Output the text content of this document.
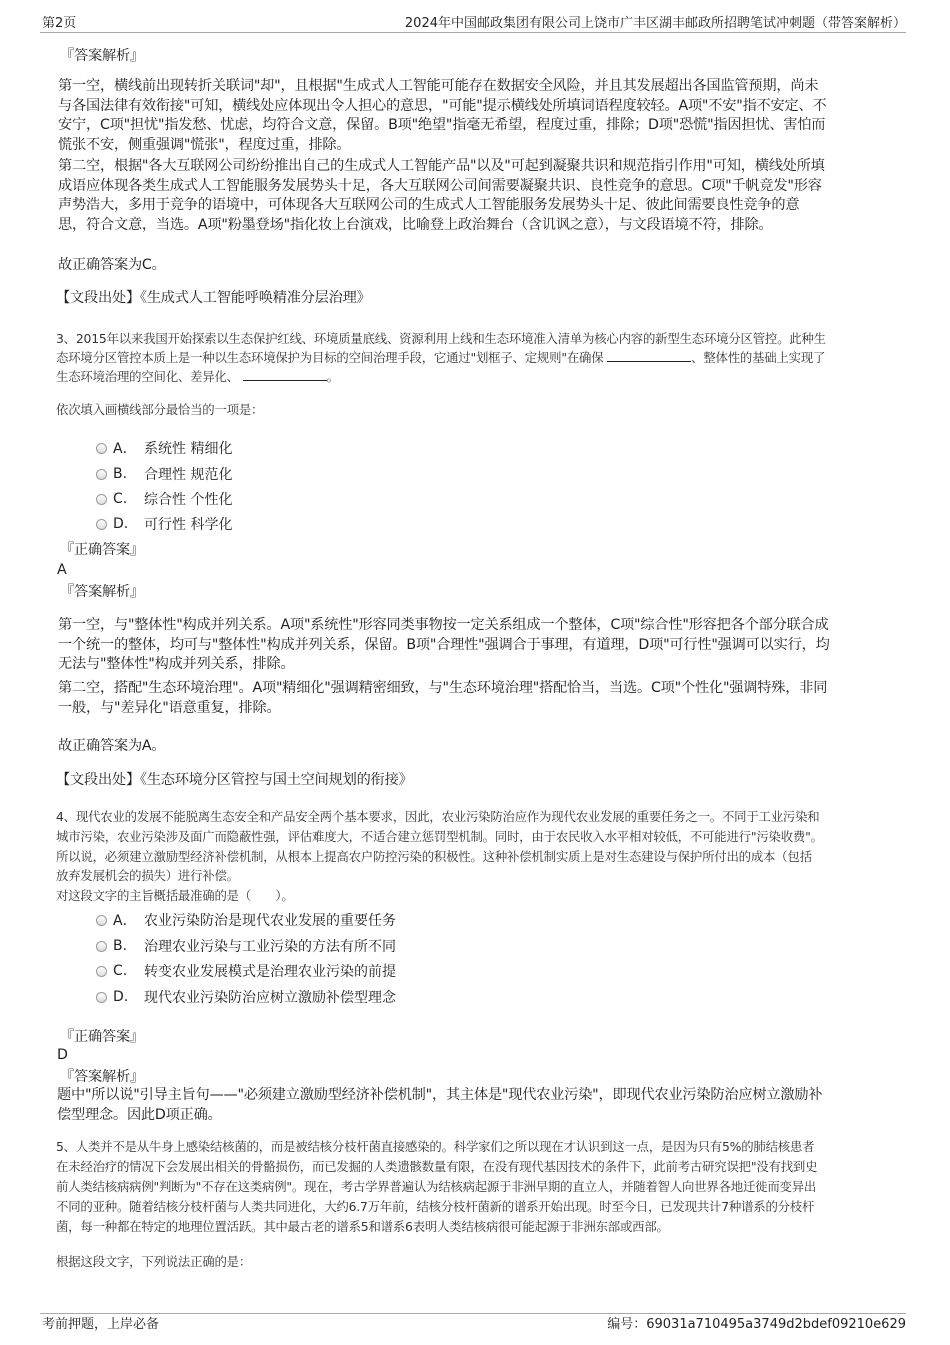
第2页	2024年中国邮政集团有限公司上饶市广丰区湖丰邮政所招聘笔试冲刺题（带答案解析）
『答案解析』
第一空，横线前出现转折关联词"却"，且根据"生成式人工智能可能存在数据安全风险，并且其发展超出各国监管预期，尚未
与各国法律有效衔接"可知，横线处应体现出令人担心的意思，"可能"提示横线处所填词语程度较轻。A项"不安"指不安定、不
安宁，C项"担忧"指发愁、忧虑，均符合文意，保留。B项"绝望"指毫无希望，程度过重，排除；D项"恐慌"指因担忧、害怕而
慌张不安，侧重强调"慌张"，程度过重，排除。
第二空，根据"各大互联网公司纷纷推出自己的生成式人工智能产品"以及"可起到凝聚共识和规范指引作用"可知，横线处所填
成语应体现各类生成式人工智能服务发展势头十足，各大互联网公司间需要凝聚共识、良性竞争的意思。C项"千帆竞发"形容
声势浩大，多用于竞争的语境中，可体现各大互联网公司的生成式人工智能服务发展势头十足、彼此间需要良性竞争的意
思，符合文意，当选。A项"粉墨登场"指化妆上台演戏，比喻登上政治舞台（含讥讽之意），与文段语境不符，排除。
故正确答案为C。
【文段出处】《生成式人工智能呼唤精准分层治理》
3、2015年以来我国开始探索以生态保护红线、环境质量底线、资源利用上线和生态环境准入清单为核心内容的新型生态环境分区管控。此种生
态环境分区管控本质上是一种以生态环境保护为目标的空间治理手段，它通过"划框子、定规则"在确保	、整体性的基础上实现了
生态环境治理的空间化、差异化、	。
依次填入画横线部分最恰当的一项是：
『正确答案』
A
『答案解析』
第一空，与"整体性"构成并列关系。A项"系统性"形容同类事物按一定关系组成一个整体，C项"综合性"形容把各个部分联合成
一个统一的整体，均可与"整体性"构成并列关系，保留。B项"合理性"强调合于事理，有道理，D项"可行性"强调可以实行，均
无法与"整体性"构成并列关系，排除。
第二空，搭配"生态环境治理"。A项"精细化"强调精密细致，与"生态环境治理"搭配恰当，当选。C项"个性化"强调特殊，非同
一般，与"差异化"语意重复，排除。
故正确答案为A。
【文段出处】《生态环境分区管控与国土空间规划的衔接》
4、现代农业的发展不能脱离生态安全和产品安全两个基本要求，因此，农业污染防治应作为现代农业发展的重要任务之一。不同于工业污染和
城市污染，农业污染涉及面广而隐蔽性强，评估难度大，不适合建立惩罚型机制。同时，由于农民收入水平相对较低，不可能进行"污染收费"。
所以说，必须建立激励型经济补偿机制，从根本上提高农户防控污染的积极性。这种补偿机制实质上是对生态建设与保护所付出的成本（包括
放弃发展机会的损失）进行补偿。
对这段文字的主旨概括最准确的是（　　）。
『正确答案』
D
『答案解析』
题中"所以说"引导主旨句——"必须建立激励型经济补偿机制"，其主体是"现代农业污染"，即现代农业污染防治应树立激励补
偿型理念。因此D项正确。
5、人类并不是从牛身上感染结核菌的，而是被结核分枝杆菌直接感染的。科学家们之所以现在才认识到这一点，是因为只有5%的肺结核患者
在未经治疗的情况下会发展出相关的骨骼损伤，而已发掘的人类遗骸数量有限，在没有现代基因技术的条件下，此前考古研究误把"没有找到史
前人类结核病病例"判断为"不存在这类病例"。现在，考古学界普遍认为结核病起源于非洲早期的直立人，并随着智人向世界各地迁徙而变异出
不同的亚种。随着结核分枝杆菌与人类共同进化，大约6.7万年前，结核分枝杆菌新的谱系开始出现。时至今日，已发现共计7种谱系的分枝杆
菌，每一种都在特定的地理位置活跃。其中最古老的谱系5和谱系6表明人类结核病很可能起源于非洲东部或西部。
根据这段文字，下列说法正确的是：
考前押题，上岸必备	编号：69031a710495a3749d2bdef09210e629
A． 系统性 精细化
B.	合理性 规范化
C.	综合性 个性化
D.	可行性 科学化
A． 农业污染防治是现代农业发展的重要任务
B.	治理农业污染与工业污染的方法有所不同
C.	转变农业发展模式是治理农业污染的前提
D.	现代农业污染防治应树立激励补偿型理念
